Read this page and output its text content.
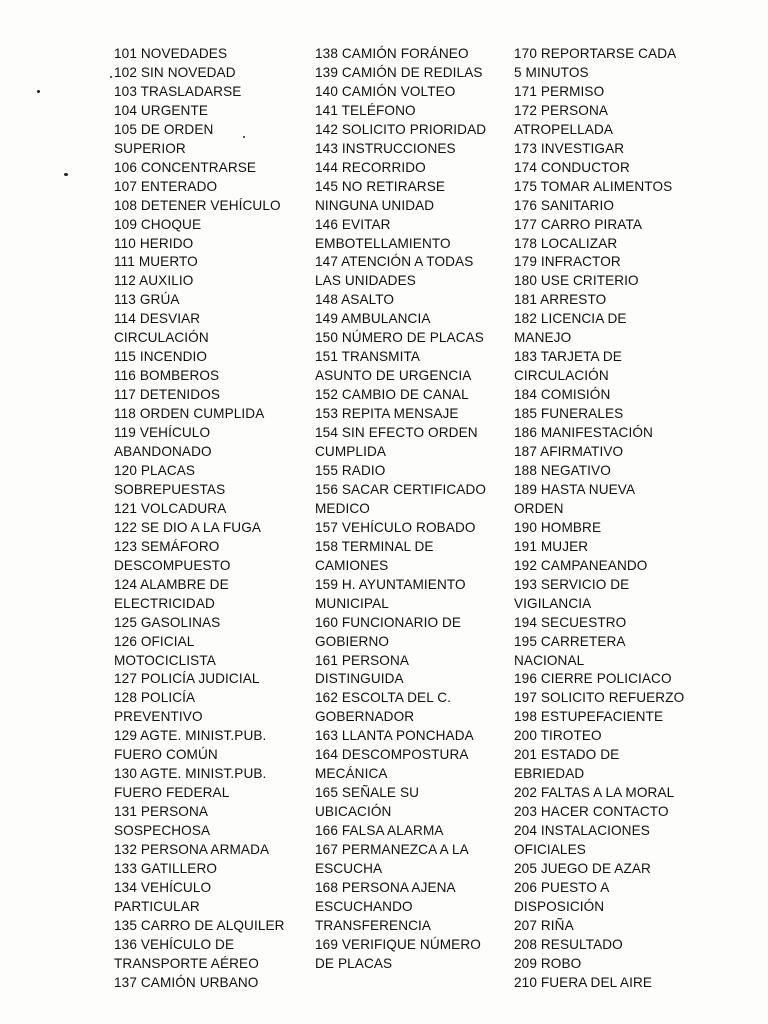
101 NOVEDADES
102 SIN NOVEDAD
103 TRASLADARSE
104 URGENTE
105 DE ORDEN
SUPERIOR
106 CONCENTRARSE
107 ENTERADO
108 DETENER VEHÍCULO
109 CHOQUE
110 HERIDO
111 MUERTO
112 AUXILIO
113 GRÚA
114 DESVIAR
CIRCULACIÓN
115 INCENDIO
116 BOMBEROS
117 DETENIDOS
118 ORDEN CUMPLIDA
119 VEHÍCULO
ABANDONADO
120 PLACAS
SOBREPUESTAS
121 VOLCADURA
122 SE DIO A LA FUGA
123 SEMÁFORO
DESCOMPUESTO
124 ALAMBRE DE
ELECTRICIDAD
125 GASOLINAS
126 OFICIAL
MOTOCICLISTA
127 POLICÍA JUDICIAL
128 POLICÍA
PREVENTIVO
129 AGTE. MINIST.PUB.
FUERO COMÚN
130 AGTE. MINIST.PUB.
FUERO FEDERAL
131 PERSONA
SOSPECHOSA
132 PERSONA ARMADA
133 GATILLERO
134 VEHÍCULO
PARTICULAR
135 CARRO DE ALQUILER
136 VEHÍCULO DE
TRANSPORTE AÉREO
137 CAMIÓN URBANO
138 CAMIÓN FORÁNEO
139 CAMIÓN DE REDILAS
140 CAMIÓN VOLTEO
141 TELÉFONO
142 SOLICITO PRIORIDAD
143 INSTRUCCIONES
144 RECORRIDO
145 NO RETIRARSE
NINGUNA UNIDAD
146 EVITAR
EMBOTELLAMIENTO
147 ATENCIÓN A TODAS
LAS UNIDADES
148 ASALTO
149 AMBULANCIA
150 NÚMERO DE PLACAS
151 TRANSMITA
ASUNTO DE URGENCIA
152 CAMBIO DE CANAL
153 REPITA MENSAJE
154 SIN EFECTO ORDEN
CUMPLIDA
155 RADIO
156 SACAR CERTIFICADO
MEDICO
157 VEHÍCULO ROBADO
158 TERMINAL DE
CAMIONES
159 H. AYUNTAMIENTO
MUNICIPAL
160 FUNCIONARIO DE
GOBIERNO
161 PERSONA
DISTINGUIDA
162 ESCOLTA DEL C.
GOBERNADOR
163 LLANTA PONCHADA
164 DESCOMPOSTURA
MECÁNICA
165 SEÑALE SU
UBICACIÓN
166 FALSA ALARMA
167 PERMANEZCA A LA
ESCUCHA
168 PERSONA AJENA
ESCUCHANDO
TRANSFERENCIA
169 VERIFIQUE NÚMERO
DE PLACAS
170 REPORTARSE CADA
5 MINUTOS
171 PERMISO
172 PERSONA
ATROPELLADA
173 INVESTIGAR
174 CONDUCTOR
175 TOMAR ALIMENTOS
176 SANITARIO
177 CARRO PIRATA
178 LOCALIZAR
179 INFRACTOR
180 USE CRITERIO
181 ARRESTO
182 LICENCIA DE
MANEJO
183 TARJETA DE
CIRCULACIÓN
184 COMISIÓN
185 FUNERALES
186 MANIFESTACIÓN
187 AFIRMATIVO
188 NEGATIVO
189 HASTA NUEVA
ORDEN
190 HOMBRE
191 MUJER
192 CAMPANEANDO
193 SERVICIO DE
VIGILANCIA
194 SECUESTRO
195 CARRETERA
NACIONAL
196 CIERRE POLICIACO
197 SOLICITO REFUERZO
198 ESTUPEFACIENTE
200 TIROTEO
201 ESTADO DE
EBRIEDAD
202 FALTAS A LA MORAL
203 HACER CONTACTO
204 INSTALACIONES
OFICIALES
205 JUEGO DE AZAR
206 PUESTO A
DISPOSICIÓN
207 RIÑA
208 RESULTADO
209 ROBO
210 FUERA DEL AIRE
